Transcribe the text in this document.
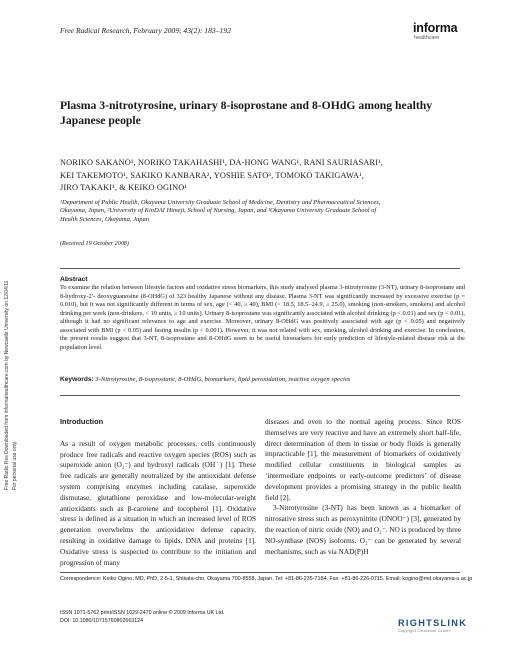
Free Radic Res Downloaded from informahealthcare.com by Newcastle University on 12/04/11 For personal use only.
Free Radical Research, February 2009; 43(2): 183–192	informa
healthcare
Plasma 3-nitrotyrosine, urinary 8-isoprostane and 8-OHdG among healthy Japanese people
NORIKO SAKANO¹, NORIKO TAKAHASHI¹, DA-HONG WANG¹, RANI SAURIASARI¹,
KEI TAKEMOTO¹, SAKIKO KANBARA², YOSHIE SATO³, TOMOKO TAKIGAWA¹,
JIRO TAKAKI¹, & KEIKO OGINO¹
¹Department of Public Health, Okayama University Graduate School of Medicine, Dentistry and Pharmaceutical Sciences,
Okayama, Japan, ²University of KinDAI Himeji, School of Nursing, Japan, and ³Okayama University Graduate School of
Health Sciences, Okayama, Japan
(Received 19 October 2008)
Abstract
To examine the relation between lifestyle factors and oxidative stress biomarkers, this study analysed plasma 3-nitrotyrosine (3-NT), urinary 8-isoprostane and 8-hydroxy-2′- deoxyguanosine (8-OHdG) of 323 healthy Japanese without any disease. Plasma 3-NT was significantly increased by excessive exercise (p = 0.010), but it was not significantly different in terms of sex, age (< 40, ≥ 40), BMI (< 18.5, 18.5–24.9, ≥ 25.0), smoking (non-smokers, smokers) and alcohol drinking per week (non-drinkers, < 10 units, ≥ 10 units). Urinary 8-isoprostane was significantly associated with alcohol drinking (p < 0.01) and sex (p < 0.01), although it had no significant relevance to age and exercise. Moreover, urinary 8-OHdG was positively associated with age (p < 0.05) and negatively associated with BMI (p < 0.05) and fasting insulin (p < 0.001). However, it was not related with sex, smoking, alcohol drinking and exercise. In conclusion, the present results suggest that 3-NT, 8-isoprostane and 8-OHdG seem to be useful biomarkers for early prediction of lifestyle-related disease risk at the population level.
Keywords: 3-Nitrotyrosine, 8-isoprostane, 8-OHdG, biomarkers, lipid peroxidation, reactive oxygen species
Introduction

As a result of oxygen metabolic processes, cells continuously produce free radicals and reactive oxygen species (ROS) such as superoxide anion (O₂⁻) and hydroxyl radicals (OH˙) [1]. These free radicals are generally neutralized by the antioxidant defense system comprising enzymes including catalase, superoxide dismutase, glutathione peroxidase and low-molecular-weight antioxidants such as β-carotene and tocopherol [1]. Oxidative stress is defined as a situation in which an increased level of ROS generation overwhelms the antioxidative defense capacity, resulting in oxidative damage to lipids, DNA and proteins [1]. Oxidative stress is suspected to contribute to the initiation and progression of many

diseases and even to the normal ageing process. Since ROS themselves are very reactive and have an extremely short half-life, direct determination of them in tissue or body fluids is generally impracticable [1], the measurement of biomarkers of oxidatively modified cellular constituents in biological samples as ‘intermediate endpoints or early-outcome predictors’ of disease development provides a promising strategy in the public health field [2].

3-Nitrotyrosine (3-NT) has been known as a biomarker of nitrosative stress such as peroxynitrite (ONOO⁻) [3], generated by the reaction of nitric oxide (NO) and O₂⁻. NO is produced by three NO-synthase (NOS) isoforms. O₂⁻ can be generated by several mechanisms, such as via NAD(P)H

Correspondence: Keiko Ogino, MD, PhD, 2-5-1, Shikata-cho, Okayama 700-8558, Japan. Tel: +81-86-235-7184. Fax: +81-86-226-0715. Email: kogino@md.okayama-u.ac.jp
ISSN 1071-5762 print/ISSN 1029-2470 online © 2009 Informa UK Ltd.
DOI: 10.1080/10715760802663124	RIGHTSLINK
Copyright Clearance Center
